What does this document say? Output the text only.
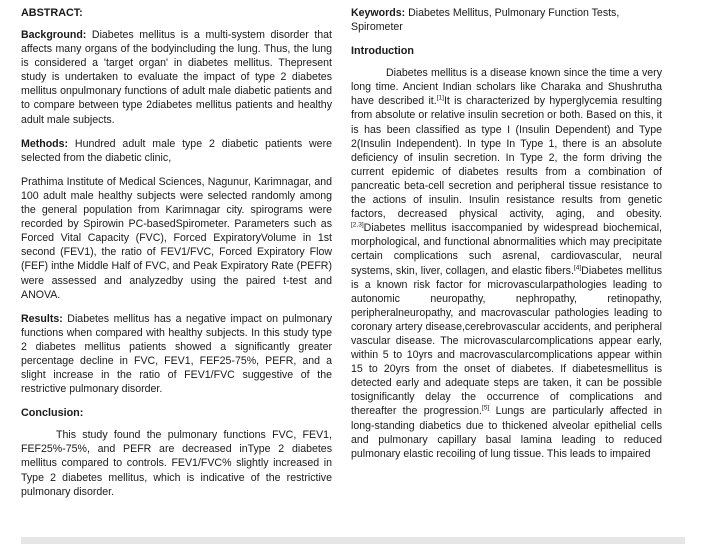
ABSTRACT:

Background: Diabetes mellitus is a multi-system disorder that affects many organs of the bodyincluding the lung. Thus, the lung is considered a 'target organ' in diabetes mellitus. Thepresent study is undertaken to evaluate the impact of type 2 diabetes mellitus onpulmonary functions of adult male diabetic patients and to compare between type 2diabetes mellitus patients and healthy adult male subjects.

Methods: Hundred adult male type 2 diabetic patients were selected from the diabetic clinic,

Prathima Institute of Medical Sciences, Nagunur, Karimnagar, and 100 adult male healthy subjects were selected randomly among the general population from Karimnagar city. spirograms were recorded by Spirowin PC-basedSpirometer. Parameters such as Forced Vital Capacity (FVC), Forced ExpiratoryVolume in 1st second (FEV1), the ratio of FEV1/FVC, Forced Expiratory Flow (FEF) inthe Middle Half of FVC, and Peak Expiratory Rate (PEFR) were assessed and analyzedby using the paired t-test and ANOVA.

Results: Diabetes mellitus has a negative impact on pulmonary functions when compared with healthy subjects. In this study type 2 diabetes mellitus patients showed a significantly greater percentage decline in FVC, FEV1, FEF25-75%, PEFR, and a slight increase in the ratio of FEV1/FVC suggestive of the restrictive pulmonary disorder.

Conclusion:

This study found the pulmonary functions FVC, FEV1, FEF25%-75%, and PEFR are decreased inType 2 diabetes mellitus compared to controls. FEV1/FVC% slightly increased in Type 2 diabetes mellitus, which is indicative of the restrictive pulmonary disorder.

Keywords: Diabetes Mellitus, Pulmonary Function Tests, Spirometer

Introduction

Diabetes mellitus is a disease known since the time a very long time. Ancient Indian scholars like Charaka and Shushrutha have described it.[1]It is characterized by hyperglycemia resulting from absolute or relative insulin secretion or both. Based on this, it is has been classified as type I (Insulin Dependent) and Type 2(Insulin Independent). In type In Type 1, there is an absolute deficiency of insulin secretion. In Type 2, the form driving the current epidemic of diabetes results from a combination of pancreatic beta-cell secretion and peripheral tissue resistance to the actions of insulin. Insulin resistance results from genetic factors, decreased physical activity, aging, and obesity.[2,3]Diabetes mellitus isaccompanied by widespread biochemical, morphological, and functional abnormalities which may precipitate certain complications such asrenal, cardiovascular, neural systems, skin, liver, collagen, and elastic fibers.[4]Diabetes mellitus is a known risk factor for microvascularpathologies leading to autonomic neuropathy, nephropathy, retinopathy, peripheralneuropathy, and macrovascular pathologies leading to coronary artery disease,cerebrovascular accidents, and peripheral vascular disease. The microvascularcomplications appear early, within 5 to 10yrs and macrovascularcomplications appear within 15 to 20yrs from the onset of diabetes. If diabetesmellitus is detected early and adequate steps are taken, it can be possible tosignificantly delay the occurrence of complications and thereafter the progression.[5] Lungs are particularly affected in long-standing diabetics due to thickened alveolar epithelial cells and pulmonary capillary basal lamina leading to reduced pulmonary elastic recoiling of lung tissue. This leads to impaired
